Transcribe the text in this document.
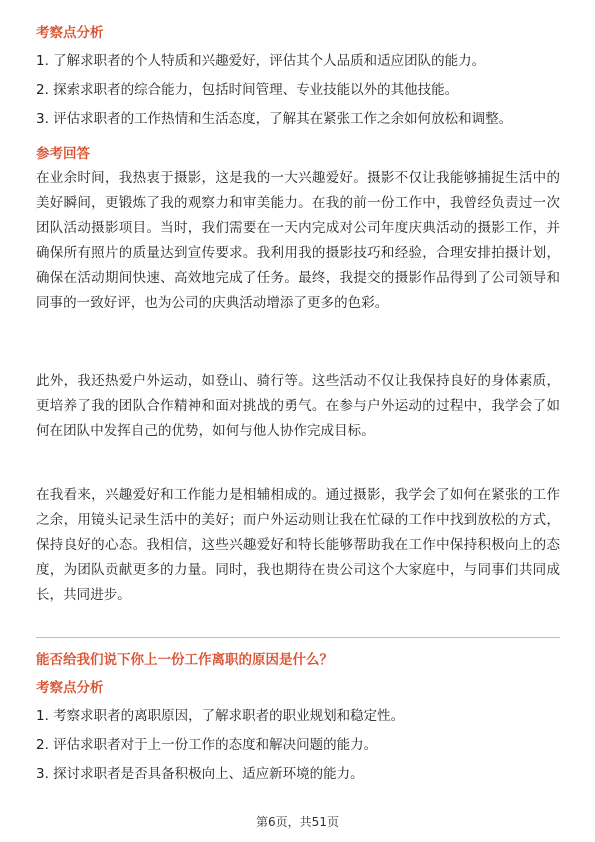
考察点分析
1. 了解求职者的个人特质和兴趣爱好，评估其个人品质和适应团队的能力。
2. 探索求职者的综合能力，包括时间管理、专业技能以外的其他技能。
3. 评估求职者的工作热情和生活态度，了解其在紧张工作之余如何放松和调整。
参考回答
在业余时间，我热衷于摄影，这是我的一大兴趣爱好。摄影不仅让我能够捕捉生活中的美好瞬间，更锻炼了我的观察力和审美能力。在我的前一份工作中，我曾经负责过一次团队活动摄影项目。当时，我们需要在一天内完成对公司年度庆典活动的摄影工作，并确保所有照片的质量达到宣传要求。我利用我的摄影技巧和经验，合理安排拍摄计划，确保在活动期间快速、高效地完成了任务。最终，我提交的摄影作品得到了公司领导和同事的一致好评，也为公司的庆典活动增添了更多的色彩。
此外，我还热爱户外运动，如登山、骑行等。这些活动不仅让我保持良好的身体素质，更培养了我的团队合作精神和面对挑战的勇气。在参与户外运动的过程中，我学会了如何在团队中发挥自己的优势，如何与他人协作完成目标。
在我看来，兴趣爱好和工作能力是相辅相成的。通过摄影，我学会了如何在紧张的工作之余，用镜头记录生活中的美好；而户外运动则让我在忙碌的工作中找到放松的方式，保持良好的心态。我相信，这些兴趣爱好和特长能够帮助我在工作中保持积极向上的态度，为团队贡献更多的力量。同时，我也期待在贵公司这个大家庭中，与同事们共同成长，共同进步。
能否给我们说下你上一份工作离职的原因是什么？
考察点分析
1. 考察求职者的离职原因，了解求职者的职业规划和稳定性。
2. 评估求职者对于上一份工作的态度和解决问题的能力。
3. 探讨求职者是否具备积极向上、适应新环境的能力。
第6页，共51页
